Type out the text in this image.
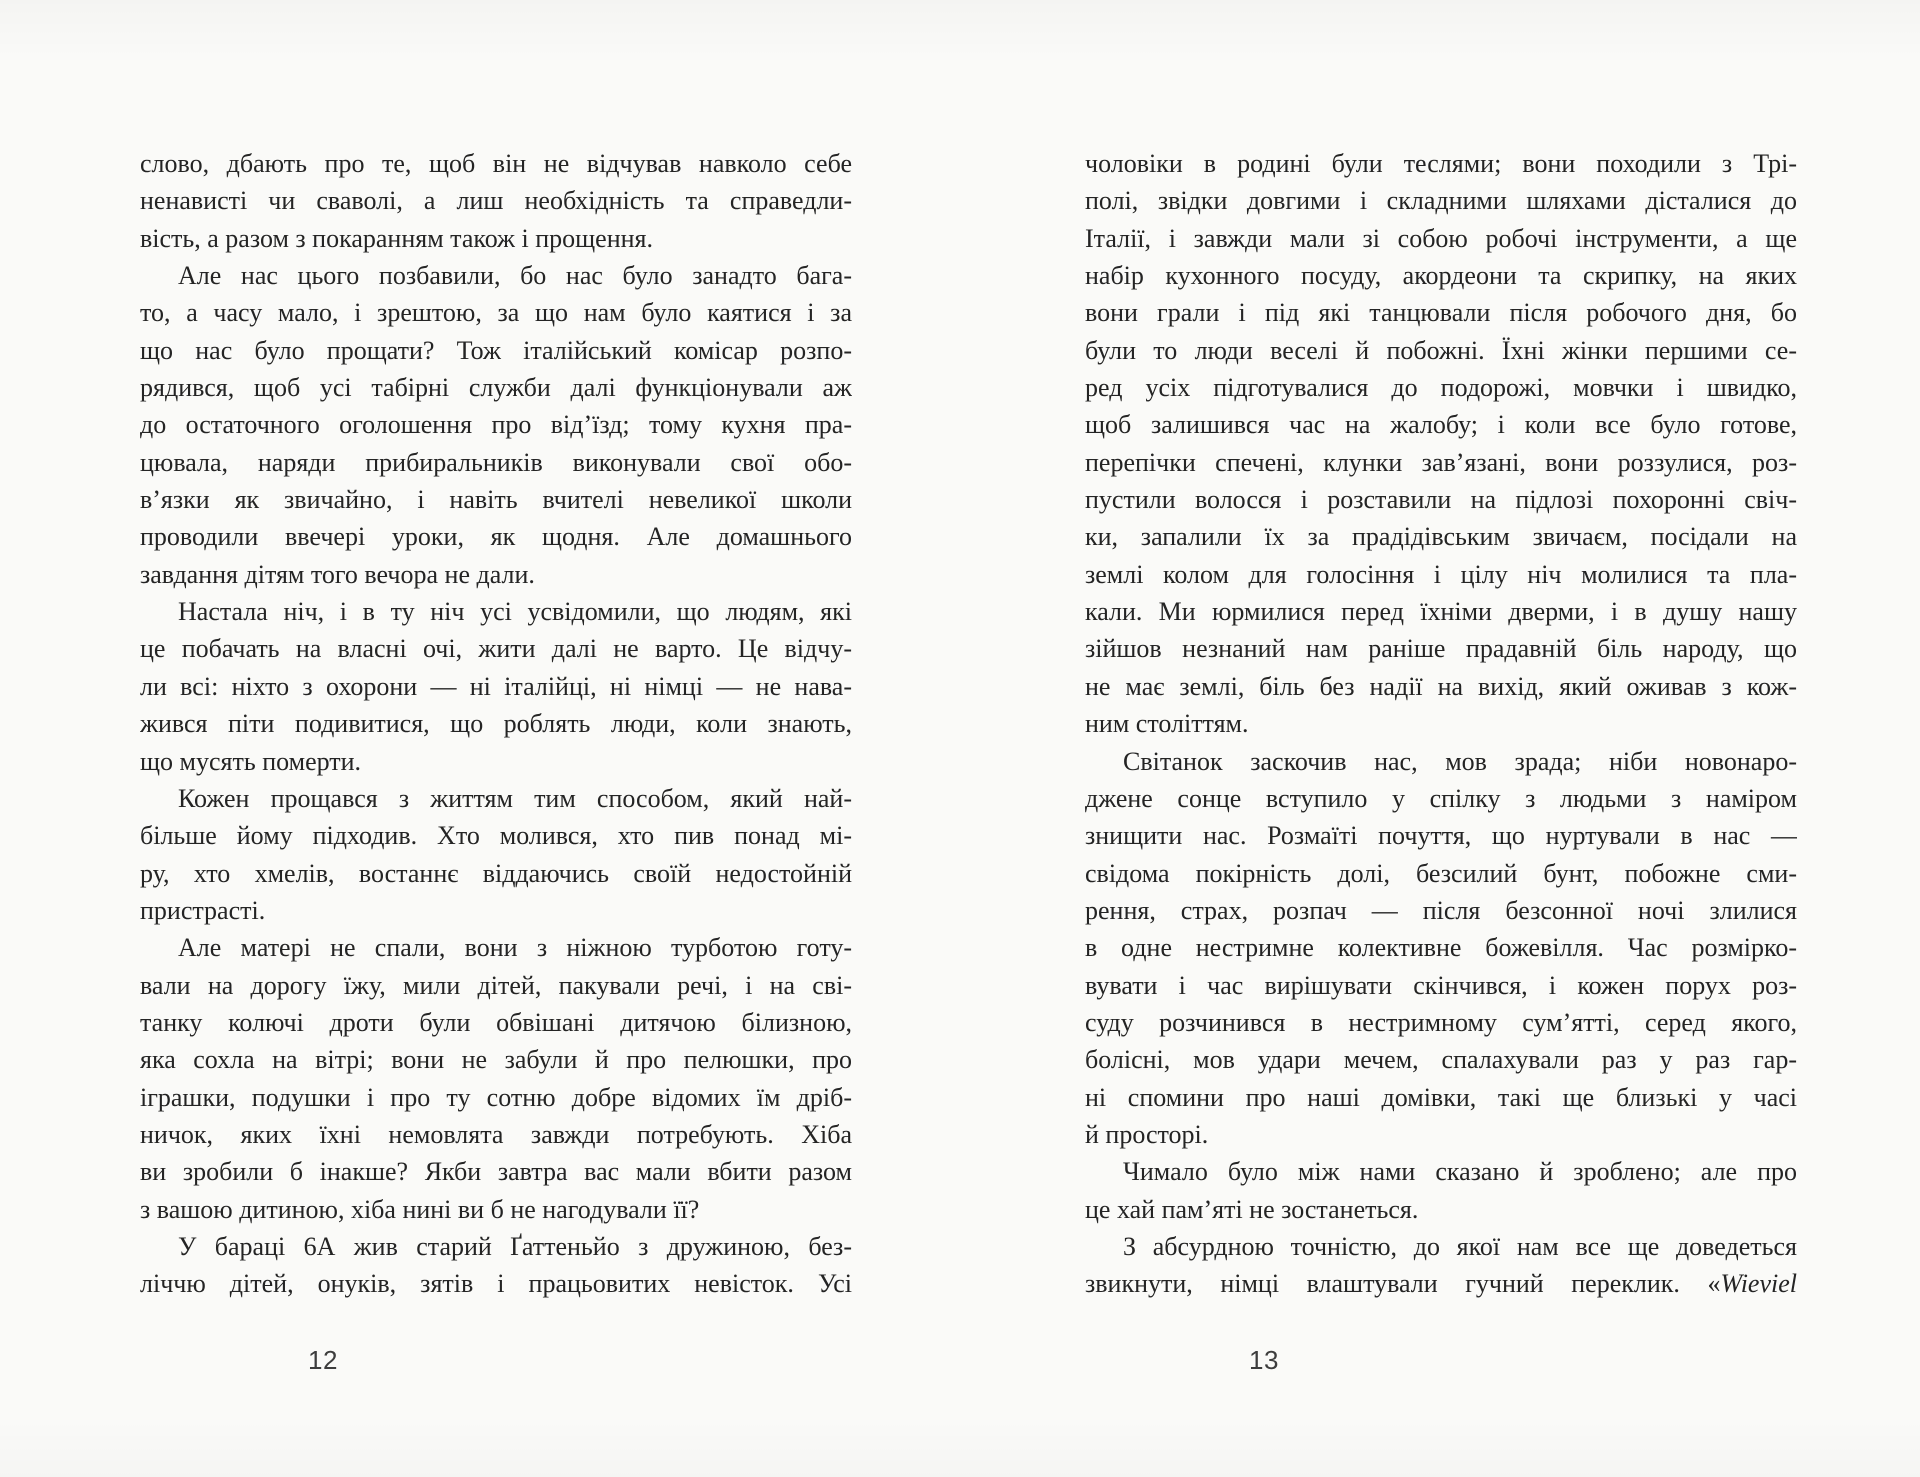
слово, дбають про те, щоб він не відчував навколо себе
ненависті чи сваволі, а лиш необхідність та справедли-
вість, а разом з покаранням також і прощення.
Але нас цього позбавили, бо нас було занадто бага-
то, а часу мало, і зрештою, за що нам було каятися і за
що нас було прощати? Тож італійський комісар розпо-
рядився, щоб усі табірні служби далі функціонували аж
до остаточного оголошення про від’їзд; тому кухня пра-
цювала, наряди прибиральників виконували свої обо-
в’язки як звичайно, і навіть вчителі невеликої школи
проводили ввечері уроки, як щодня. Але домашнього
завдання дітям того вечора не дали.
Настала ніч, і в ту ніч усі усвідомили, що людям, які
це побачать на власні очі, жити далі не варто. Це відчу-
ли всі: ніхто з охорони — ні італійці, ні німці — не нава-
жився піти подивитися, що роблять люди, коли знають,
що мусять померти.
Кожен прощався з життям тим способом, який най-
більше йому підходив. Хто молився, хто пив понад мі-
ру, хто хмелів, востаннє віддаючись своїй недостойній
пристрасті.
Але матері не спали, вони з ніжною турботою готу-
вали на дорогу їжу, мили дітей, пакували речі, і на сві-
танку колючі дроти були обвішані дитячою білизною,
яка сохла на вітрі; вони не забули й про пелюшки, про
іграшки, подушки і про ту сотню добре відомих їм дріб-
ничок, яких їхні немовлята завжди потребують. Хіба
ви зробили б інакше? Якби завтра вас мали вбити разом
з вашою дитиною, хіба нині ви б не нагодували її?
У бараці 6А жив старий Ґаттеньйо з дружиною, без-
ліччю дітей, онуків, зятів і працьовитих невісток. Усі
чоловіки в родині були теслями; вони походили з Трі-
полі, звідки довгими і складними шляхами дісталися до
Італії, і завжди мали зі собою робочі інструменти, а ще
набір кухонного посуду, акордеони та скрипку, на яких
вони грали і під які танцювали після робочого дня, бо
були то люди веселі й побожні. Їхні жінки першими се-
ред усіх підготувалися до подорожі, мовчки і швидко,
щоб залишився час на жалобу; і коли все було готове,
перепічки спечені, клунки зав’язані, вони роззулися, роз-
пустили волосся і розставили на підлозі похоронні свіч-
ки, запалили їх за прадідівським звичаєм, посідали на
землі колом для голосіння і цілу ніч молилися та пла-
кали. Ми юрмилися перед їхніми дверми, і в душу нашу
зійшов незнаний нам раніше прадавній біль народу, що
не має землі, біль без надії на вихід, який оживав з кож-
ним століттям.
Світанок заскочив нас, мов зрада; ніби новонаро-
джене сонце вступило у спілку з людьми з наміром
знищити нас. Розмаїті почуття, що нуртували в нас —
свідома покірність долі, безсилий бунт, побожне сми-
рення, страх, розпач — після безсонної ночі злилися
в одне нестримне колективне божевілля. Час розмірко-
вувати і час вирішувати скінчився, і кожен порух роз-
суду розчинився в нестримному сум’ятті, серед якого,
болісні, мов удари мечем, спалахували раз у раз гар-
ні спомини про наші домівки, такі ще близькі у часі
й просторі.
Чимало було між нами сказано й зроблено; але про
це хай пам’яті не зостанеться.
З абсурдною точністю, до якої нам все ще доведеться
звикнути, німці влаштували гучний переклик. «Wieviel
12	13
